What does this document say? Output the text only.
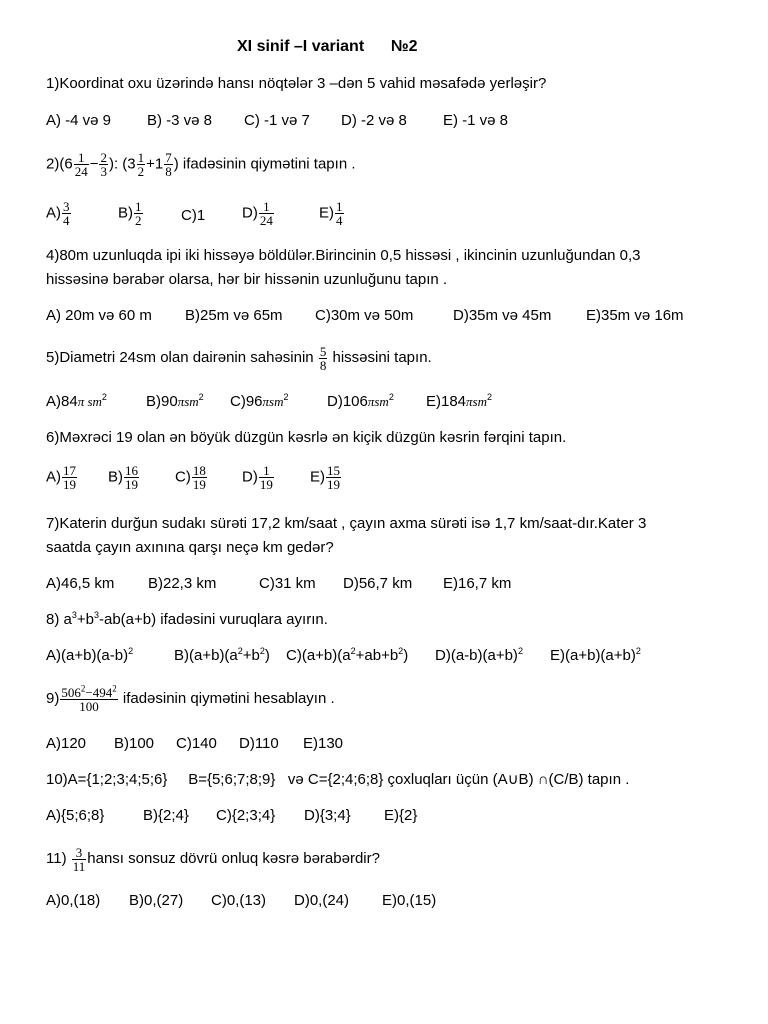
XI sinif –I variant      №2
1)Koordinat oxu üzərində hansı nöqtələr 3 –dən 5 vahid məsafədə yerləşir?
A) -4 və 9 B) -3 və 8 C) -1 və 7 D) -2 və 8 E) -1 və 8
$2)(6 \frac{1}{24} - \frac{2}{3}$ ): ($3 \frac{1}{2} +1 \frac{7}{8}$ ) ifadəsinin qiymətini tapın .
$A) \frac{3}{4}$	$B) \frac{1}{2}$	C)1 $D) \frac{1}{24}$	$E) \frac{1}{4}$
4)80m uzunluqda ipi iki hissəyə böldülər.Birincinin 0,5 hissəsi , ikincinin uzunluğundan 0,3
hissəsinə bərabər olarsa, hər bir hissənin uzunluğunu tapın .
A) 20m və 60 m B)25m və 65m C)30m və 50m	D)35m və 45m E)35m və 16m
5)Diametri 24sm olan dairənin sahəsinin $\frac{5}{8}$ hissəsini tapın.
A)84π $sm^2$	B)90πsm$^2$ C)96πsm$^2$	D)106πsm$^2$ E)184πsm$^2$
6)Məxrəci 19 olan ən böyük düzgün kəsrlə ən kiçik düzgün kəsrin fərqini tapın.
$A) \frac{17}{19} B) \frac{16}{19} C) \frac{18}{19} D) \frac{1}{19} E) \frac{15}{19}$
7)Katerin durğun sudakı sürəti 17,2 km/saat , çayın axma sürəti isə 1,7 km/saat-dır.Kater 3
saatda çayın axınına qarşı neçə km gedər?
A)46,5 km B)22,3 km	C)31 km D)56,7 km E)16,7 km
8) $a^3+b^3-ab(a+b)$ ifadəsini vuruqlara ayırın.
$A)(a+b)(a-b)^2$	$B)(a+b)(a^2+b^2)$ $C)(a+b)(a^2+ab+b^2)$ $D)(a-b)(a+b)^2$ $E)(a+b)(a+b)^2$
$9) \frac{506^2-494^2}{100}$ ifadəsinin qiymətini hesablayın .
A)120 B)100 C)140 D)110 E)130
10)A={1;2;3;4;5;6}     B={5;6;7;8;9}   və C={2;4;6;8} çoxluqları üçün (A∪B) ∩(C/B) tapın .
A){5;6;8}	B){2;4} C){2;3;4} D){3;4} E){2}
$11) \frac{3}{11}$ hansı sonsuz dövrü onluq kəsrə bərabərdir?
A)0,(18) B)0,(27) C)0,(13) D)0,(24) E)0,(15)
